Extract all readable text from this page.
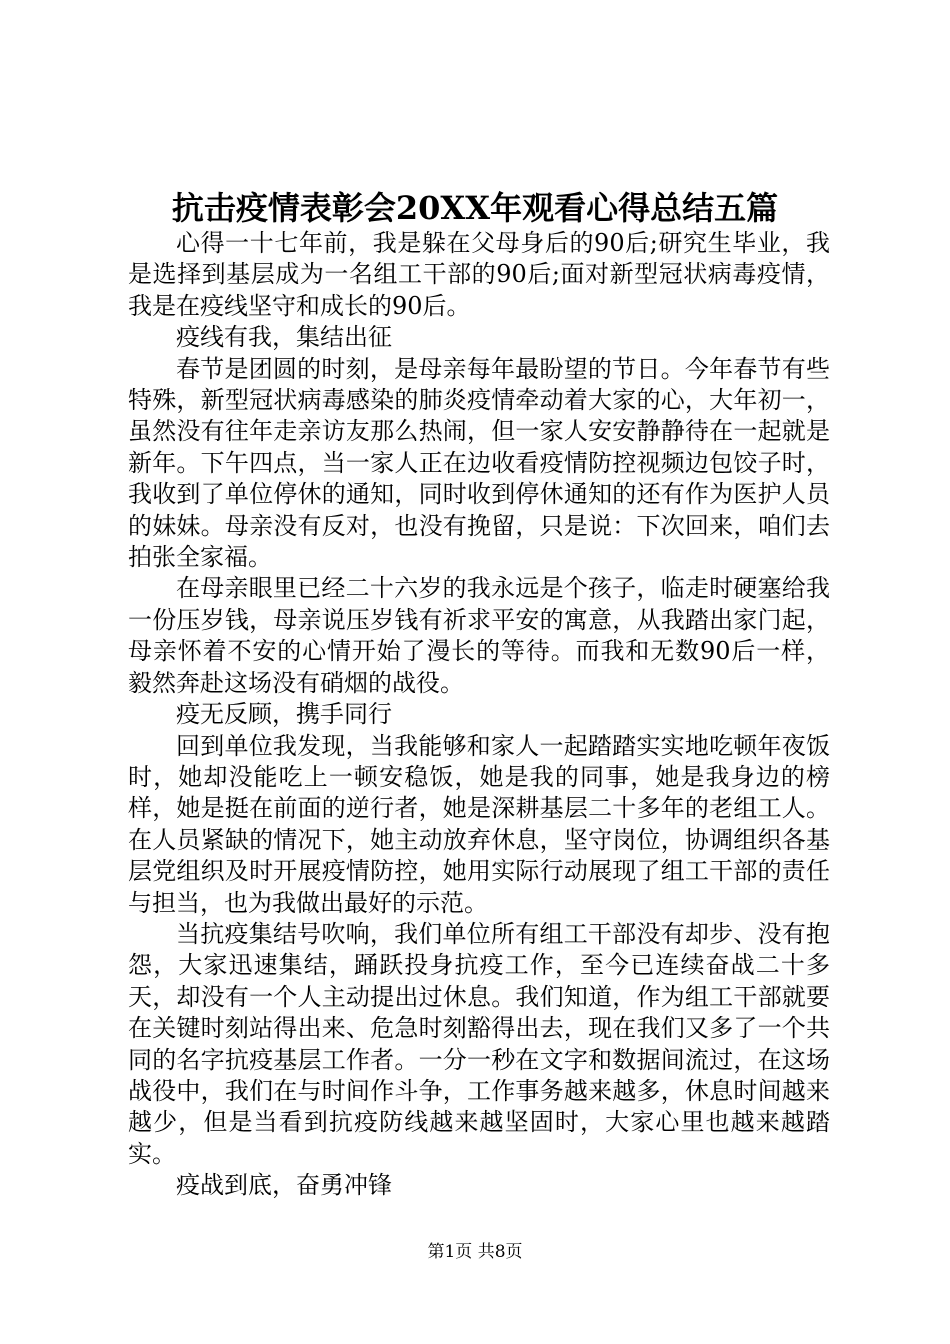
抗击疫情表彰会20XX年观看心得总结五篇

心得一十七年前，我是躲在父母身后的90后;研究生毕业，我是选择到基层成为一名组工干部的90后;面对新型冠状病毒疫情，我是在疫线坚守和成长的90后。

疫线有我，集结出征

春节是团圆的时刻，是母亲每年最盼望的节日。今年春节有些特殊，新型冠状病毒感染的肺炎疫情牵动着大家的心，大年初一，虽然没有往年走亲访友那么热闹，但一家人安安静静待在一起就是新年。下午四点，当一家人正在边收看疫情防控视频边包饺子时，我收到了单位停休的通知，同时收到停休通知的还有作为医护人员的妹妹。母亲没有反对，也没有挽留，只是说：下次回来，咱们去拍张全家福。

在母亲眼里已经二十六岁的我永远是个孩子，临走时硬塞给我一份压岁钱，母亲说压岁钱有祈求平安的寓意，从我踏出家门起，母亲怀着不安的心情开始了漫长的等待。而我和无数90后一样，毅然奔赴这场没有硝烟的战役。

疫无反顾，携手同行

回到单位我发现，当我能够和家人一起踏踏实实地吃顿年夜饭时，她却没能吃上一顿安稳饭，她是我的同事，她是我身边的榜样，她是挺在前面的逆行者，她是深耕基层二十多年的老组工人。在人员紧缺的情况下，她主动放弃休息，坚守岗位，协调组织各基层党组织及时开展疫情防控，她用实际行动展现了组工干部的责任与担当，也为我做出最好的示范。

当抗疫集结号吹响，我们单位所有组工干部没有却步、没有抱怨，大家迅速集结，踊跃投身抗疫工作，至今已连续奋战二十多天，却没有一个人主动提出过休息。我们知道，作为组工干部就要在关键时刻站得出来、危急时刻豁得出去，现在我们又多了一个共同的名字抗疫基层工作者。一分一秒在文字和数据间流过，在这场战役中，我们在与时间作斗争，工作事务越来越多，休息时间越来越少，但是当看到抗疫防线越来越坚固时，大家心里也越来越踏实。

疫战到底，奋勇冲锋

第1页 共8页
